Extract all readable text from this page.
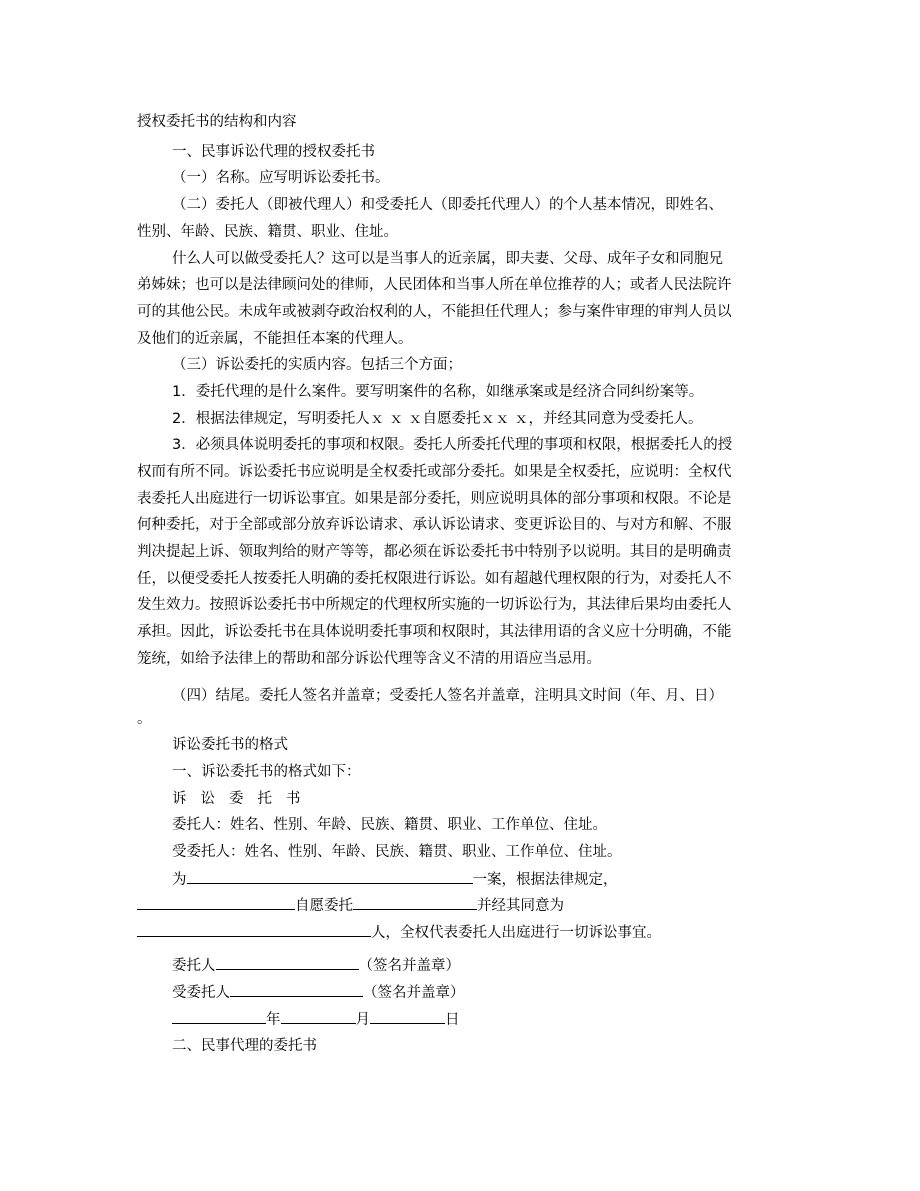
授权委托书的结构和内容
一、民事诉讼代理的授权委托书
（一）名称。应写明诉讼委托书。
（二）委托人（即被代理人）和受委托人（即委托代理人）的个人基本情况，即姓名、
性别、年龄、民族、籍贯、职业、住址。
什么人可以做受委托人？这可以是当事人的近亲属，即夫妻、父母、成年子女和同胞兄
弟姊妹；也可以是法律顾问处的律师，人民团体和当事人所在单位推荐的人；或者人民法院许
可的其他公民。未成年或被剥夺政治权利的人，不能担任代理人；参与案件审理的审判人员以
及他们的近亲属，不能担任本案的代理人。
（三）诉讼委托的实质内容。包括三个方面；
1．委托代理的是什么案件。要写明案件的名称，如继承案或是经济合同纠纷案等。
2．根据法律规定，写明委托人ｘ ｘ ｘ自愿委托ｘｘ ｘ，并经其同意为受委托人。
3．必须具体说明委托的事项和权限。委托人所委托代理的事项和权限，根据委托人的授
权而有所不同。诉讼委托书应说明是全权委托或部分委托。如果是全权委托，应说明：全权代
表委托人出庭进行一切诉讼事宜。如果是部分委托，则应说明具体的部分事项和权限。不论是
何种委托，对于全部或部分放弃诉讼请求、承认诉讼请求、变更诉讼目的、与对方和解、不服
判决提起上诉、领取判给的财产等等，都必须在诉讼委托书中特别予以说明。其目的是明确责
任，以便受委托人按委托人明确的委托权限进行诉讼。如有超越代理权限的行为，对委托人不
发生效力。按照诉讼委托书中所规定的代理权所实施的一切诉讼行为，其法律后果均由委托人
承担。因此，诉讼委托书在具体说明委托事项和权限时，其法律用语的含义应十分明确，不能
笼统，如给予法律上的帮助和部分诉讼代理等含义不清的用语应当忌用。
（四）结尾。委托人签名并盖章；受委托人签名并盖章，注明具文时间（年、月、日）
。
诉讼委托书的格式
一、诉讼委托书的格式如下：
诉讼委托书
委托人：姓名、性别、年龄、民族、籍贯、职业、工作单位、住址。
受委托人：姓名、性别、年龄、民族、籍贯、职业、工作单位、住址。
为	一案，根据法律规定，
自愿委托	并经其同意为
人，全权代表委托人出庭进行一切诉讼事宜。
委托人	（签名并盖章）
受委托人	（签名并盖章）
年	月	日
二、民事代理的委托书
